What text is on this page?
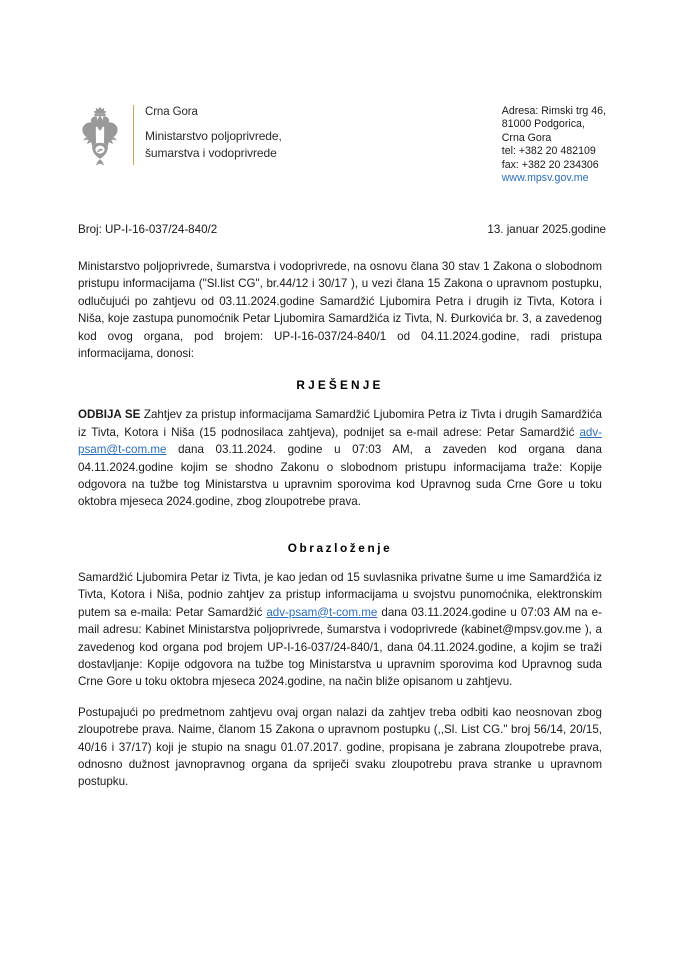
Crna Gora
Ministarstvo poljoprivrede,
šumarstva i vodoprivrede
Adresa: Rimski trg 46,
81000 Podgorica,
Crna Gora
tel: +382 20 482109
fax: +382 20 234306
www.mpsv.gov.me
Broj: UP-I-16-037/24-840/2	13. januar 2025.godine

Ministarstvo poljoprivrede, šumarstva i vodoprivrede, na osnovu člana 30 stav 1 Zakona o slobodnom pristupu informacijama ("Sl.list CG", br.44/12 i 30/17 ), u vezi člana 15 Zakona o upravnom postupku, odlučujući po zahtjevu od 03.11.2024.godine Samardžić Ljubomira Petra i drugih iz Tivta, Kotora i Niša, koje zastupa punomoćnik Petar Ljubomira Samardžića iz Tivta, N. Đurkovića br. 3, a zavedenog kod ovog organa, pod brojem: UP-I-16-037/24-840/1 od 04.11.2024.godine, radi pristupa informacijama, donosi:

RJEŠENJE

ODBIJA SE Zahtjev za pristup informacijama Samardžić Ljubomira Petra iz Tivta i drugih Samardžića iz Tivta, Kotora i Niša (15 podnosilaca zahtjeva), podnijet sa e-mail adrese: Petar Samardžić adv-psam@t-com.me dana 03.11.2024. godine u 07:03 AM, a zaveden kod organa dana 04.11.2024.godine kojim se shodno Zakonu o slobodnom pristupu informacijama traže: Kopije odgovora na tužbe tog Ministarstva u upravnim sporovima kod Upravnog suda Crne Gore u toku oktobra mjeseca 2024.godine, zbog zloupotrebe prava.

Obrazloženje

Samardžić Ljubomira Petar iz Tivta, je kao jedan od 15 suvlasnika privatne šume u ime Samardžića iz Tivta, Kotora i Niša, podnio zahtjev za pristup informacijama u svojstvu punomoćnika, elektronskim putem sa e-maila: Petar Samardžić adv-psam@t-com.me dana 03.11.2024.godine u 07:03 AM na e-mail adresu: Kabinet Ministarstva poljoprivrede, šumarstva i vodoprivrede (kabinet@mpsv.gov.me ), a zavedenog kod organa pod brojem UP-I-16-037/24-840/1, dana 04.11.2024.godine, a kojim se traži dostavljanje: Kopije odgovora na tužbe tog Ministarstva u upravnim sporovima kod Upravnog suda Crne Gore u toku oktobra mjeseca 2024.godine, na način bliže opisanom u zahtjevu.

Postupajući po predmetnom zahtjevu ovaj organ nalazi da zahtjev treba odbiti kao neosnovan zbog zloupotrebe prava. Naime, članom 15 Zakona o upravnom postupku (,,Sl. List CG." broj 56/14, 20/15, 40/16 i 37/17) koji je stupio na snagu 01.07.2017. godine, propisana je zabrana zloupotrebe prava, odnosno dužnost javnopravnog organa da spriječi svaku zloupotrebu prava stranke u upravnom postupku.
